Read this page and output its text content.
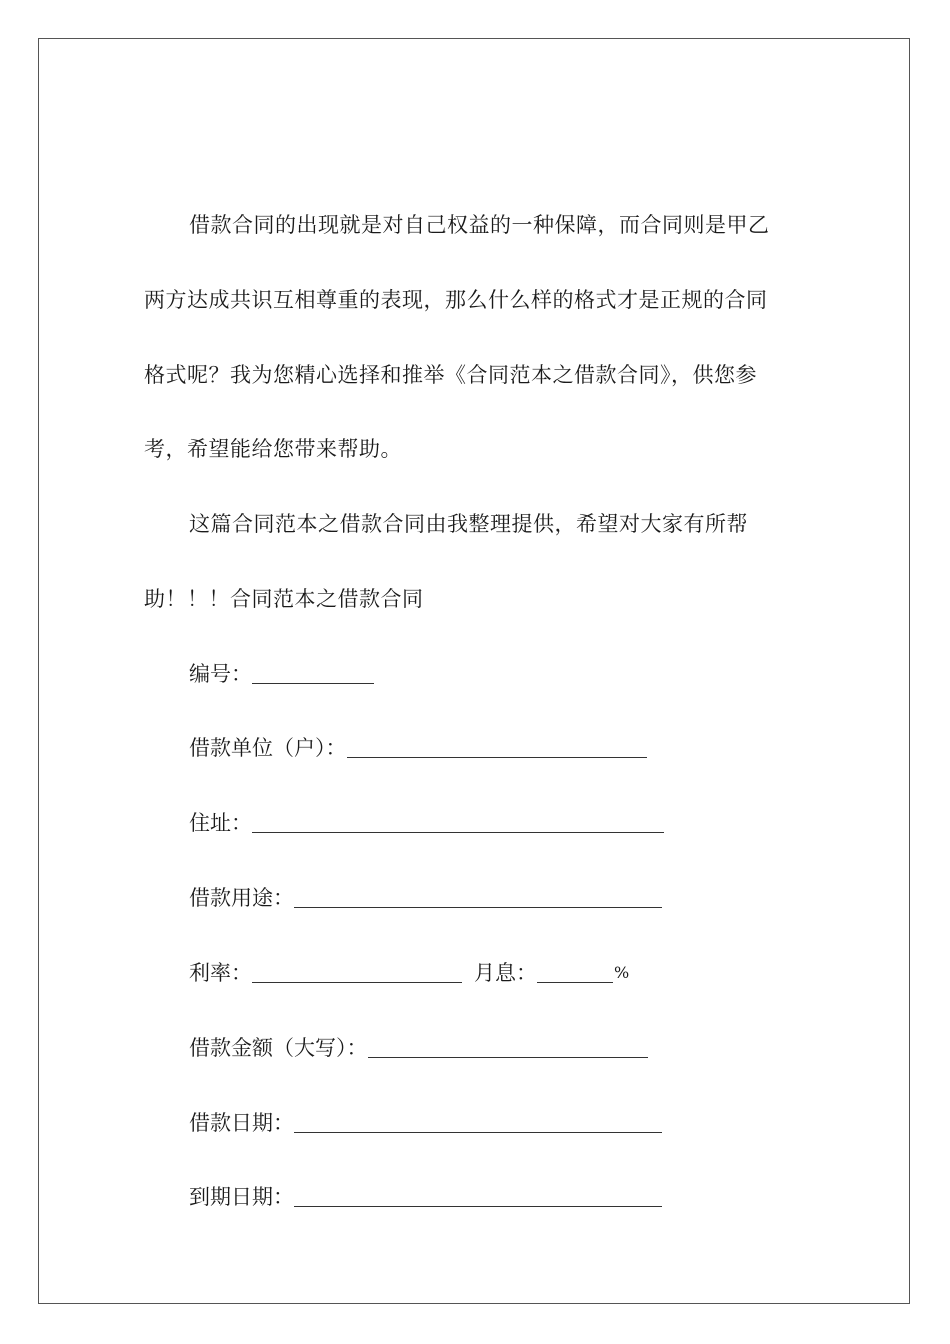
借款合同的出现就是对自己权益的一种保障，而合同则是甲乙
两方达成共识互相尊重的表现，那么什么样的格式才是正规的合同
格式呢？我为您精心选择和推举《合同范本之借款合同》，供您参
考，希望能给您带来帮助。
这篇合同范本之借款合同由我整理提供，希望对大家有所帮
助！！！合同范本之借款合同
编号：
借款单位（户）：
住址：
借款用途：
利率：	月息：	%
借款金额（大写）：
借款日期：
到期日期：
